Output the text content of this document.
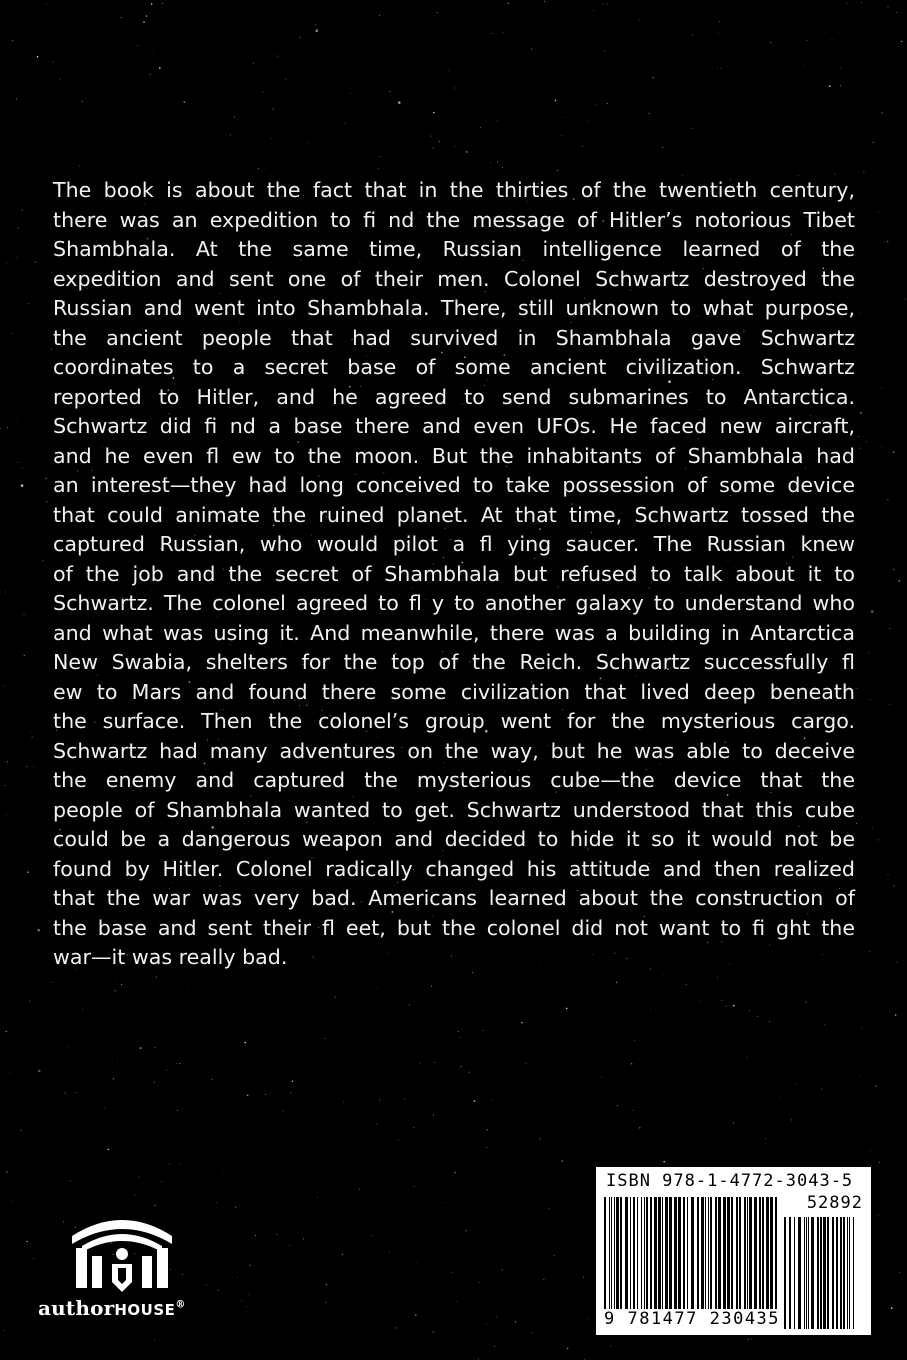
The book is about the fact that in the thirties of the twentieth century,
there was an expedition to fi nd the message of Hitler’s notorious Tibet
Shambhala. At the same time, Russian intelligence learned of the
expedition and sent one of their men. Colonel Schwartz destroyed the
Russian and went into Shambhala. There, still unknown to what purpose,
the ancient people that had survived in Shambhala gave Schwartz
coordinates to a secret base of some ancient civilization. Schwartz
reported to Hitler, and he agreed to send submarines to Antarctica.
Schwartz did fi nd a base there and even UFOs. He faced new aircraft,
and he even fl ew to the moon. But the inhabitants of Shambhala had
an interest—they had long conceived to take possession of some device
that could animate the ruined planet. At that time, Schwartz tossed the
captured Russian, who would pilot a fl ying saucer. The Russian knew
of the job and the secret of Shambhala but refused to talk about it to
Schwartz. The colonel agreed to fl y to another galaxy to understand who
and what was using it. And meanwhile, there was a building in Antarctica
New Swabia, shelters for the top of the Reich. Schwartz successfully fl
ew to Mars and found there some civilization that lived deep beneath
the surface. Then the colonel’s group went for the mysterious cargo.
Schwartz had many adventures on the way, but he was able to deceive
the enemy and captured the mysterious cube—the device that the
people of Shambhala wanted to get. Schwartz understood that this cube
could be a dangerous weapon and decided to hide it so it would not be
found by Hitler. Colonel radically changed his attitude and then realized
that the war was very bad. Americans learned about the construction of
the base and sent their fl eet, but the colonel did not want to fi ght the
war—it was really bad.
authorHOUSE®
ISBN 978-1-4772-3043-5
52892
9 781477 230435
